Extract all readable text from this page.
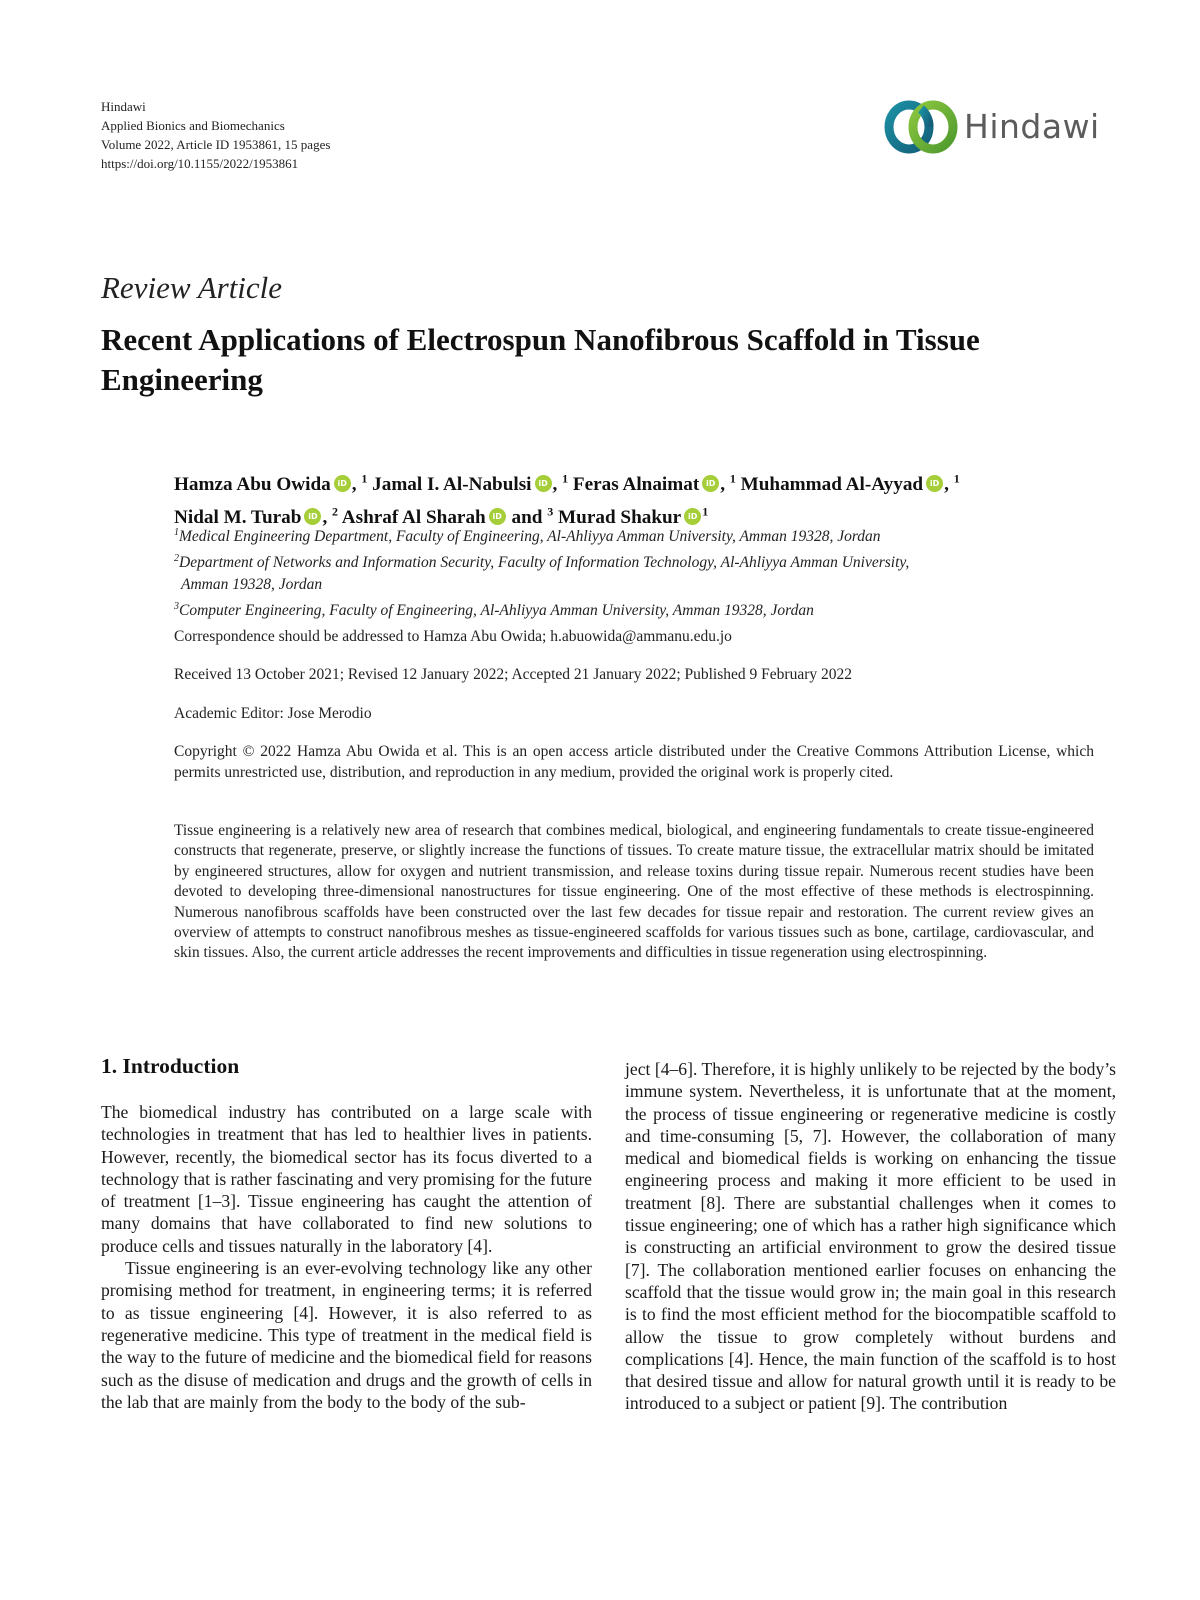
Hindawi
Applied Bionics and Biomechanics
Volume 2022, Article ID 1953861, 15 pages
https://doi.org/10.1155/2022/1953861
Hindawi
Review Article
Recent Applications of Electrospun Nanofibrous Scaffold in Tissue Engineering
Hamza Abu Owida iD , $^1$ Jamal I. Al-Nabulsi iD , $^1$ Feras Alnaimat iD , $^1$ Muhammad Al-Ayyad iD , $^1$
Nidal M. Turab iD , $^2$ Ashraf Al Sharah iD and $^3$ Murad Shakur iD $^1$
$^1$Medical Engineering Department, Faculty of Engineering, Al-Ahliyya Amman University, Amman 19328, Jordan
$^2$Department of Networks and Information Security, Faculty of Information Technology, Al-Ahliyya Amman University,
Amman 19328, Jordan
$^3$Computer Engineering, Faculty of Engineering, Al-Ahliyya Amman University, Amman 19328, Jordan
Correspondence should be addressed to Hamza Abu Owida; h.abuowida@ammanu.edu.jo
Received 13 October 2021; Revised 12 January 2022; Accepted 21 January 2022; Published 9 February 2022
Academic Editor: Jose Merodio
Copyright © 2022 Hamza Abu Owida et al. This is an open access article distributed under the Creative Commons Attribution License, which permits unrestricted use, distribution, and reproduction in any medium, provided the original work is properly cited.
Tissue engineering is a relatively new area of research that combines medical, biological, and engineering fundamentals to create tissue-engineered constructs that regenerate, preserve, or slightly increase the functions of tissues. To create mature tissue, the extracellular matrix should be imitated by engineered structures, allow for oxygen and nutrient transmission, and release toxins during tissue repair. Numerous recent studies have been devoted to developing three-dimensional nanostructures for tissue engineering. One of the most effective of these methods is electrospinning. Numerous nanofibrous scaffolds have been constructed over the last few decades for tissue repair and restoration. The current review gives an overview of attempts to construct nanofibrous meshes as tissue-engineered scaffolds for various tissues such as bone, cartilage, cardiovascular, and skin tissues. Also, the current article addresses the recent improvements and difficulties in tissue regeneration using electrospinning.
1. Introduction

The biomedical industry has contributed on a large scale with technologies in treatment that has led to healthier lives in patients. However, recently, the biomedical sector has its focus diverted to a technology that is rather fascinating and very promising for the future of treatment [1–3]. Tissue engineering has caught the attention of many domains that have collaborated to find new solutions to produce cells and tissues naturally in the laboratory [4].

Tissue engineering is an ever-evolving technology like any other promising method for treatment, in engineering terms; it is referred to as tissue engineering [4]. However, it is also referred to as regenerative medicine. This type of treatment in the medical field is the way to the future of medicine and the biomedical field for reasons such as the disuse of medication and drugs and the growth of cells in the lab that are mainly from the body to the body of the sub-

ject [4–6]. Therefore, it is highly unlikely to be rejected by the body’s immune system. Nevertheless, it is unfortunate that at the moment, the process of tissue engineering or regenerative medicine is costly and time-consuming [5, 7]. However, the collaboration of many medical and biomedical fields is working on enhancing the tissue engineering process and making it more efficient to be used in treatment [8]. There are substantial challenges when it comes to tissue engineering; one of which has a rather high significance which is constructing an artificial environment to grow the desired tissue [7]. The collaboration mentioned earlier focuses on enhancing the scaffold that the tissue would grow in; the main goal in this research is to find the most efficient method for the biocompatible scaffold to allow the tissue to grow completely without burdens and complications [4]. Hence, the main function of the scaffold is to host that desired tissue and allow for natural growth until it is ready to be introduced to a subject or patient [9]. The contribution
